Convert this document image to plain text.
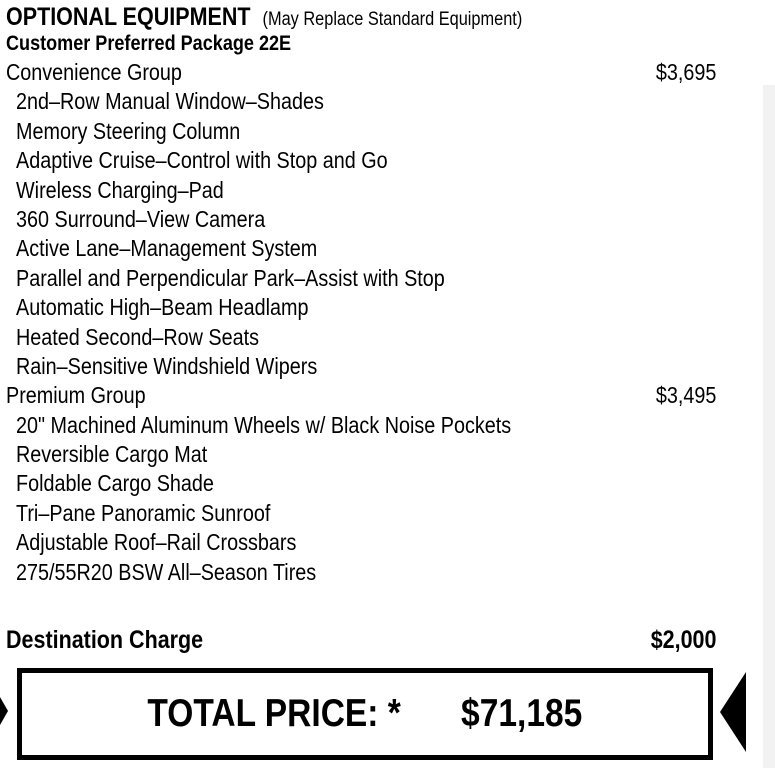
OPTIONAL EQUIPMENT (May Replace Standard Equipment)
Customer Preferred Package 22E
Convenience Group	$3,695
2nd–Row Manual Window–Shades
Memory Steering Column
Adaptive Cruise–Control with Stop and Go
Wireless Charging–Pad
360 Surround–View Camera
Active Lane–Management System
Parallel and Perpendicular Park–Assist with Stop
Automatic High–Beam Headlamp
Heated Second–Row Seats
Rain–Sensitive Windshield Wipers
Premium Group	$3,495
20" Machined Aluminum Wheels w/ Black Noise Pockets
Reversible Cargo Mat
Foldable Cargo Shade
Tri–Pane Panoramic Sunroof
Adjustable Roof–Rail Crossbars
275/55R20 BSW All–Season Tires
Destination Charge	$2,000
TOTAL PRICE: * $71,185
